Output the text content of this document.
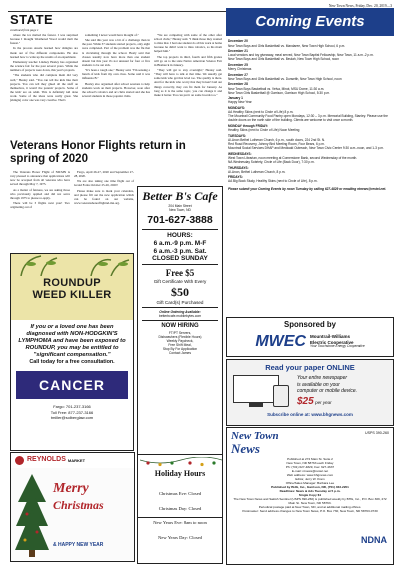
New Town News, Friday, Dec. 20, 2019—3
STATE
continued from page 1

where the ice melted the fastest. I was surprised because I thought Weathered Wood would melt the fastest."

In the process Assale learned how shingles are made out of five different components. He also learned how to write up the results of an experiment.

Elementary teacher Lindsey Healey has organized the science fair for the past several years. While the numbers of projects were down, this year's projects.

"The students who did complete them did very well," Healey said. "You can tell the kids like their projects. You can tell they glued all the stuff on themselves, it wasn't the parents' projects. Some of the kids' are an adult. This is definitely kid done work. Some of the ideas were really great. She (shingle) color one was very creative. That's

something I never would have thought of."

She said this year was a bit of a challenge than in the past. While 37 students started projects, only eight were completed. Part of the problem was the flu that is circulating through the school. Healy said that classes usually now have more than one student absent but this year it's not unusual for four or five students to be out sick.

"It's been a rough one," Healey said. "I'm sensing a bunch of kids from my own class. Some said it was influenza B."

Healey also organized after school sessions to help students work on their projects. However, soon after the school's robotics and art clubs started and she has several students in those popular clubs.

"We are competing with some of the other after school clubs," Healey said. "I think those they wanted to miss that. I had one student do all his work at home because he didn't want to miss robotics, so his mom helped him."

The top projects in third, fourth and fifth grades will go on to the state Native American Science Fair in Bismarck in January.

"They will get to stay overnight," Healey said. "They will have to talk at that time. We usually get some kids who get that level too. The quality is there. And for the kids who worry that they haven't laid out things correctly, they can fix them for January. As long as it is the same topic, you can change it and make it better. You can put it on some boards too."

Veterans Honor Flights return in spring of 2020

The Veterans Honor Flight of ND/MN is very pleased to announce that applications will now be accepted from all veterans who have served through May 7, 1975.

As a matter of fairness, we are asking those who previously applied and did not serve through 1975 to please re-apply.

There will be 3 flights next year! Two originating out of

Fargo, April 26-27, 2020 and September 27-28, 2020.

We are also taking one time flight out of Grand Forks October 25-26, 2020!

Please make sure to mark your calendars, and please fill out the new application which can be found on our website, www.veteranshonorflightnd-mn.org.

ROUNDUP
WEED KILLER
If you or a loved one has been diagnosed with NON-HODGKIN'S LYMPHOMA and have been exposed to ROUNDUP, you may be entitled to "significant compensation."
Call today for a free consultation.
CANCER
Fargo: 701-237-3166
Toll Free: 877-237-3166
tmiller@solberglaw.com
Better B's Cafe
204 Main Street
New Town, ND
701-627-3888
HOURS:
6 a.m.-9 p.m. M-F
6 a.m.-3 p.m. Sat.
CLOSED SUNDAY
Free $5
Gift Certificate With Every
$50
Gift Card(s) Purchased
Online Ordering Available:
betterbcafe.mobilebytes.com
NOW HIRING
FT/PT Servers,
Dishwashers (Flexible Hours)
Weekly Paycheck,
Free Shift Meal,
Stop By For Application
Contact James
Coming Events
December 20
New Town Boys and Girls Basketball vs. Mandaree, New Town High School, 6 p.m.
December 21
Local vendors and toy giveaway, meal served, New Town Baptist Fellowship, New Town, 11 a.m.-2 p.m.
New Town Boys and Girls Basketball vs. Beulah, New Town High School, noon
December 25
Merry Christmas
December 27
New Town Boys and Girls Basketball vs. Dunseith, New Town High School, noon
December 28
New Town Boys Basketball vs. Velva, Minot, MSU Dome, 11:30 a.m.
New Town Girls Basketball @ Garrison, Garrison High School, 5:30 p.m.
January 1
Happy New Year
MONDAYS:
AA Healthy Skins (next to Circle of Life) 8 p.m.
The Mountrail Community Food Pantry open Mondays, 12:30 – 3 p.m. Memorial Building, Stanley. Please use the double doors on the north side of the building. Clients are welcome to visit once a month.
MONDAY through FRIDAY:
Healthy Skins (next to Circle of Life) Noon Meeting
TUESDAYS:
Al-Anon Bethel Lutheran Church, 6 p.m., south doors, 224 2nd St. N.
Red Road Recovery, Johnny Bird Meeting Room, Four Bears, 6 p.m.
Mountrail Social Services DHAP and Medicaid Outreach, New Town Civic Center 9:30 a.m.-noon, and 1-3 p.m.
WEDNESDAYS:
West Town Librarian, noon meeting at Cornerstone Bank, second Wednesday of the month.
NA Wednesday Sobriety, Circle of Life (Back Door), 7:30 p.m.
THURSDAYS:
Al-Anon, Bethel Lutheran Church, 8 p.m.
FRIDAYS:
AA Big Book Study, Healthy Skins (next to Circle of Life), 8 p.m.
Please submit your Coming Events by noon Tuesday by calling 627-4829 or emailing ntnews@restel.net.
Sponsored by
MWEC Mountrail-Williams
Electric Cooperative
Your Touchstone Energy Cooperative
Read your paper ONLINE
Your entire newspaper
is available on your
computer or mobile device.
$25 per year
Subscribe online at: www.bhgnews.com
New Town
News
USPS 390-260
Published at 272 Main St. Suite 2
New Town, ND 58763 each Friday
Ph: (701) 627-4829, Fax: 627-4637
E-mail: ntnews@restel.net
Web address: www.bhgnews.com
Editor, Jerry W. Kram
Office/Sales Manager: Barbara Lee
Published by BHG, Inc., Garrison, ND, (701) 463-2201
Deadlines: News & Ads Tuesday at 5 p.m.
Single Copy $1
The New Town News and Sakish Sentinel (USPS 390-260) is published weekly by BHG, Inc., P.O. Box 309, 272 Main St. New Town, ND 58763.
Periodical postage paid at New Town, ND, and at additional mailing offices.
Postmaster: Send address changes to New Town News, P.O. Box 730, New Town, ND 58763-0730
NDNA
REYNOLDS MARKET
Merry
Christmas
& HAPPY NEW YEAR
Holiday Hours
Christmas Eve: Closed
Christmas Day: Closed
New Years Eve: 8am to noon
New Years Day: Closed
